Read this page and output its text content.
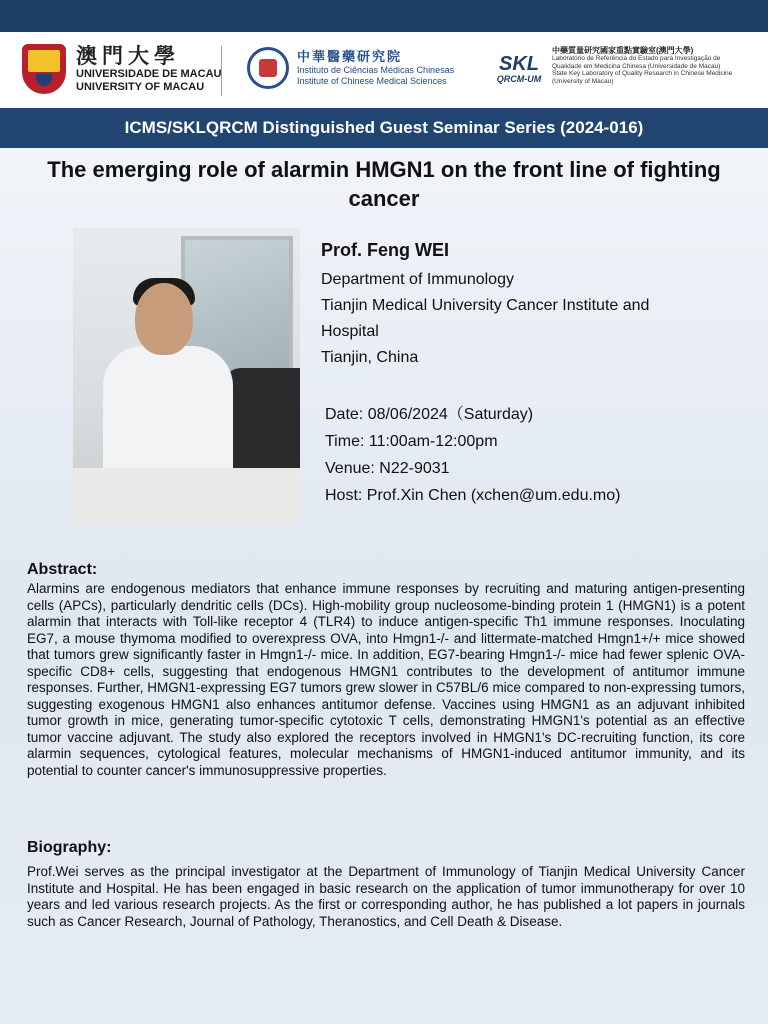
澳門大學
UNIVERSIDADE DE MACAU
UNIVERSITY OF MACAU
中華醫藥研究院
Instituto de Ciências Médicas Chinesas
Institute of Chinese Medical Sciences
SKL
QRCM-UM
中藥質量研究國家重點實驗室(澳門大學)
Laboratório de Referência do Estado para Investigação de
Qualidade em Medicina Chinesa (Universidade de Macau)
State Key Laboratory of Quality Research in Chinese Medicine
(University of Macau)
ICMS/SKLQRCM Distinguished Guest Seminar Series (2024-016)
The emerging role of alarmin HMGN1 on the front line of fighting cancer
Prof. Feng WEI
Department of Immunology
Tianjin Medical University Cancer Institute and
Hospital
Tianjin, China
Date: 08/06/2024（Saturday)
Time: 11:00am-12:00pm
Venue: N22-9031
Host: Prof.Xin Chen (xchen@um.edu.mo)
Abstract:

Alarmins are endogenous mediators that enhance immune responses by recruiting and maturing antigen-presenting cells (APCs), particularly dendritic cells (DCs). High-mobility group nucleosome-binding protein 1 (HMGN1) is a potent alarmin that interacts with Toll-like receptor 4 (TLR4) to induce antigen-specific Th1 immune responses. Inoculating EG7, a mouse thymoma modified to overexpress OVA, into Hmgn1-/- and littermate-matched Hmgn1+/+ mice showed that tumors grew significantly faster in Hmgn1-/- mice. In addition, EG7-bearing Hmgn1-/- mice had fewer splenic OVA-specific CD8+ cells, suggesting that endogenous HMGN1 contributes to the development of antitumor immune responses. Further, HMGN1-expressing EG7 tumors grew slower in C57BL/6 mice compared to non-expressing tumors, suggesting exogenous HMGN1 also enhances antitumor defense. Vaccines using HMGN1 as an adjuvant inhibited tumor growth in mice, generating tumor-specific cytotoxic T cells, demonstrating HMGN1's potential as an effective tumor vaccine adjuvant. The study also explored the receptors involved in HMGN1's DC-recruiting function, its core alarmin sequences, cytological features, molecular mechanisms of HMGN1-induced antitumor immunity, and its potential to counter cancer's immunosuppressive properties.

Biography:

Prof.Wei serves as the principal investigator at the Department of Immunology of Tianjin Medical University Cancer Institute and Hospital. He has been engaged in basic research on the application of tumor immunotherapy for over 10 years and led various research projects. As the first or corresponding author, he has published a lot papers in journals such as Cancer Research, Journal of Pathology, Theranostics, and Cell Death & Disease.
